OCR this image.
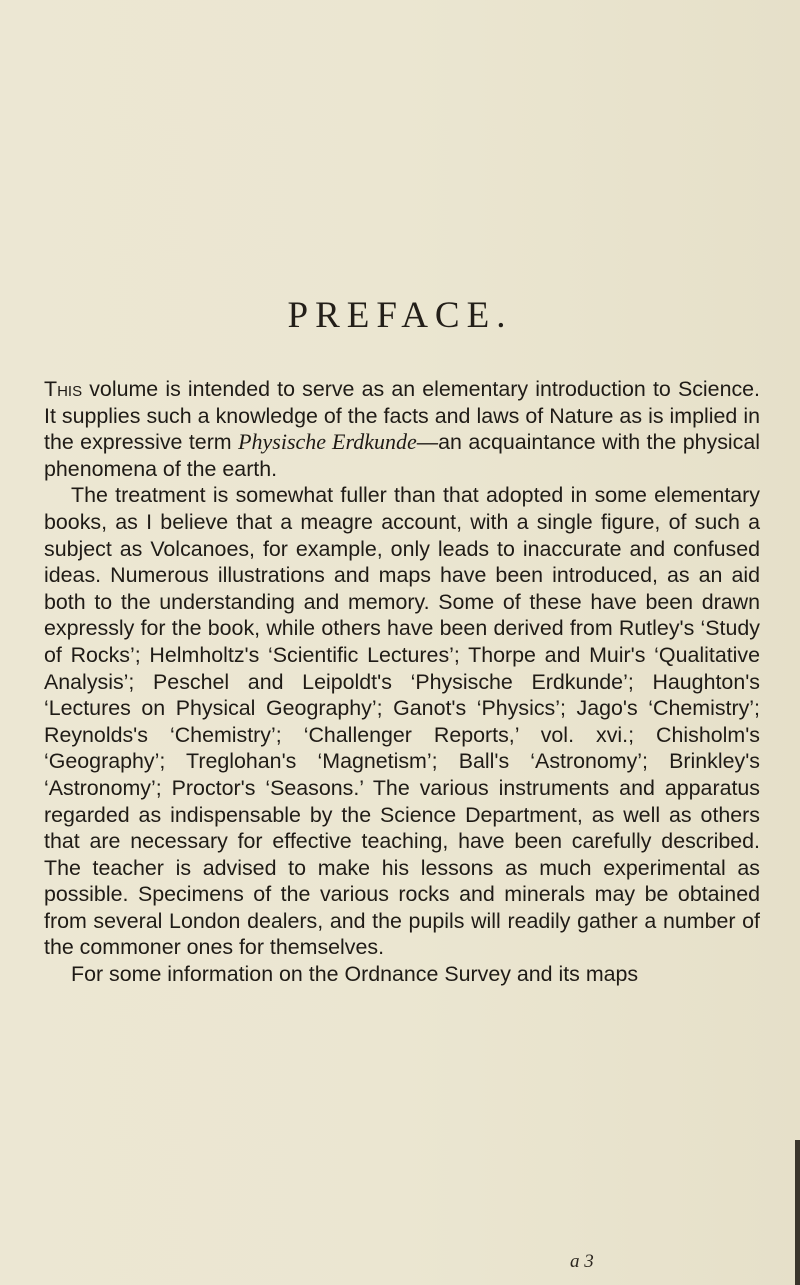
PREFACE.

This volume is intended to serve as an elementary introduction to Science. It supplies such a knowledge of the facts and laws of Nature as is implied in the expressive term Physische Erdkunde—an acquaintance with the physical phenomena of the earth.

The treatment is somewhat fuller than that adopted in some elementary books, as I believe that a meagre account, with a single figure, of such a subject as Volcanoes, for example, only leads to inaccurate and confused ideas. Numerous illustrations and maps have been introduced, as an aid both to the understanding and memory. Some of these have been drawn expressly for the book, while others have been derived from Rutley's ‘Study of Rocks’; Helmholtz's ‘Scientific Lectures’; Thorpe and Muir's ‘Qualitative Analysis’; Peschel and Leipoldt's ‘Physische Erdkunde’; Haughton's ‘Lectures on Physical Geography’; Ganot's ‘Physics’; Jago's ‘Chemistry’; Reynolds's ‘Chemistry’; ‘Challenger Reports,’ vol. xvi.; Chisholm's ‘Geography’; Treglohan's ‘Magnetism’; Ball's ‘Astronomy’; Brinkley's ‘Astronomy’; Proctor's ‘Seasons.’ The various instruments and apparatus regarded as indispensable by the Science Department, as well as others that are necessary for effective teaching, have been carefully described. The teacher is advised to make his lessons as much experimental as possible. Specimens of the various rocks and minerals may be obtained from several London dealers, and the pupils will readily gather a number of the commoner ones for themselves.

For some information on the Ordnance Survey and its maps

a 3
